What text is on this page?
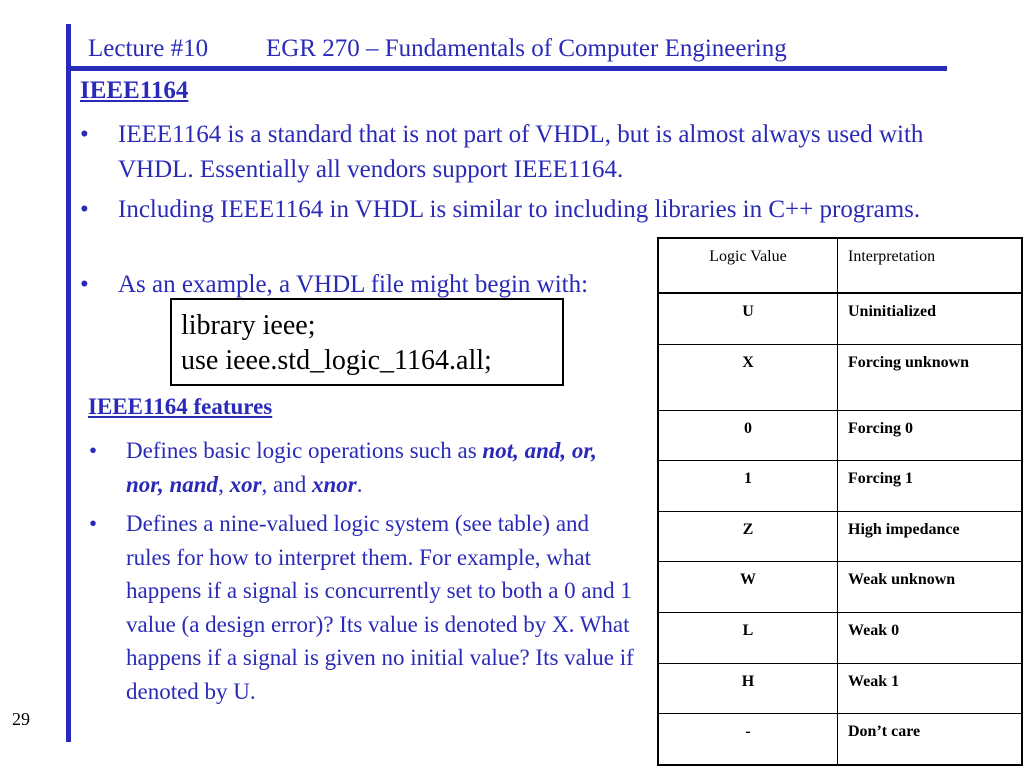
Lecture #10 EGR 270 – Fundamentals of Computer Engineering
29
IEEE1164
• IEEE1164 is a standard that is not part of VHDL, but is almost always used with VHDL. Essentially all vendors support IEEE1164.
• Including IEEE1164 in VHDL is similar to including libraries in C++ programs.
• As an example, a VHDL file might begin with:
library ieee;
use ieee.std_logic_1164.all;
IEEE1164 features
• Defines basic logic operations such as not, and, or, nor, nand, xor, and xnor.
• Defines a nine-valued logic system (see table) and rules for how to interpret them. For example, what happens if a signal is concurrently set to both a 0 and 1 value (a design error)? Its value is denoted by X. What happens if a signal is given no initial value? Its value if denoted by U.
Logic Value	Interpretation
U	Uninitialized
X	Forcing unknown
0	Forcing 0
1	Forcing 1
Z	High impedance
W	Weak unknown
L	Weak 0
H	Weak 1
-	Don’t care
